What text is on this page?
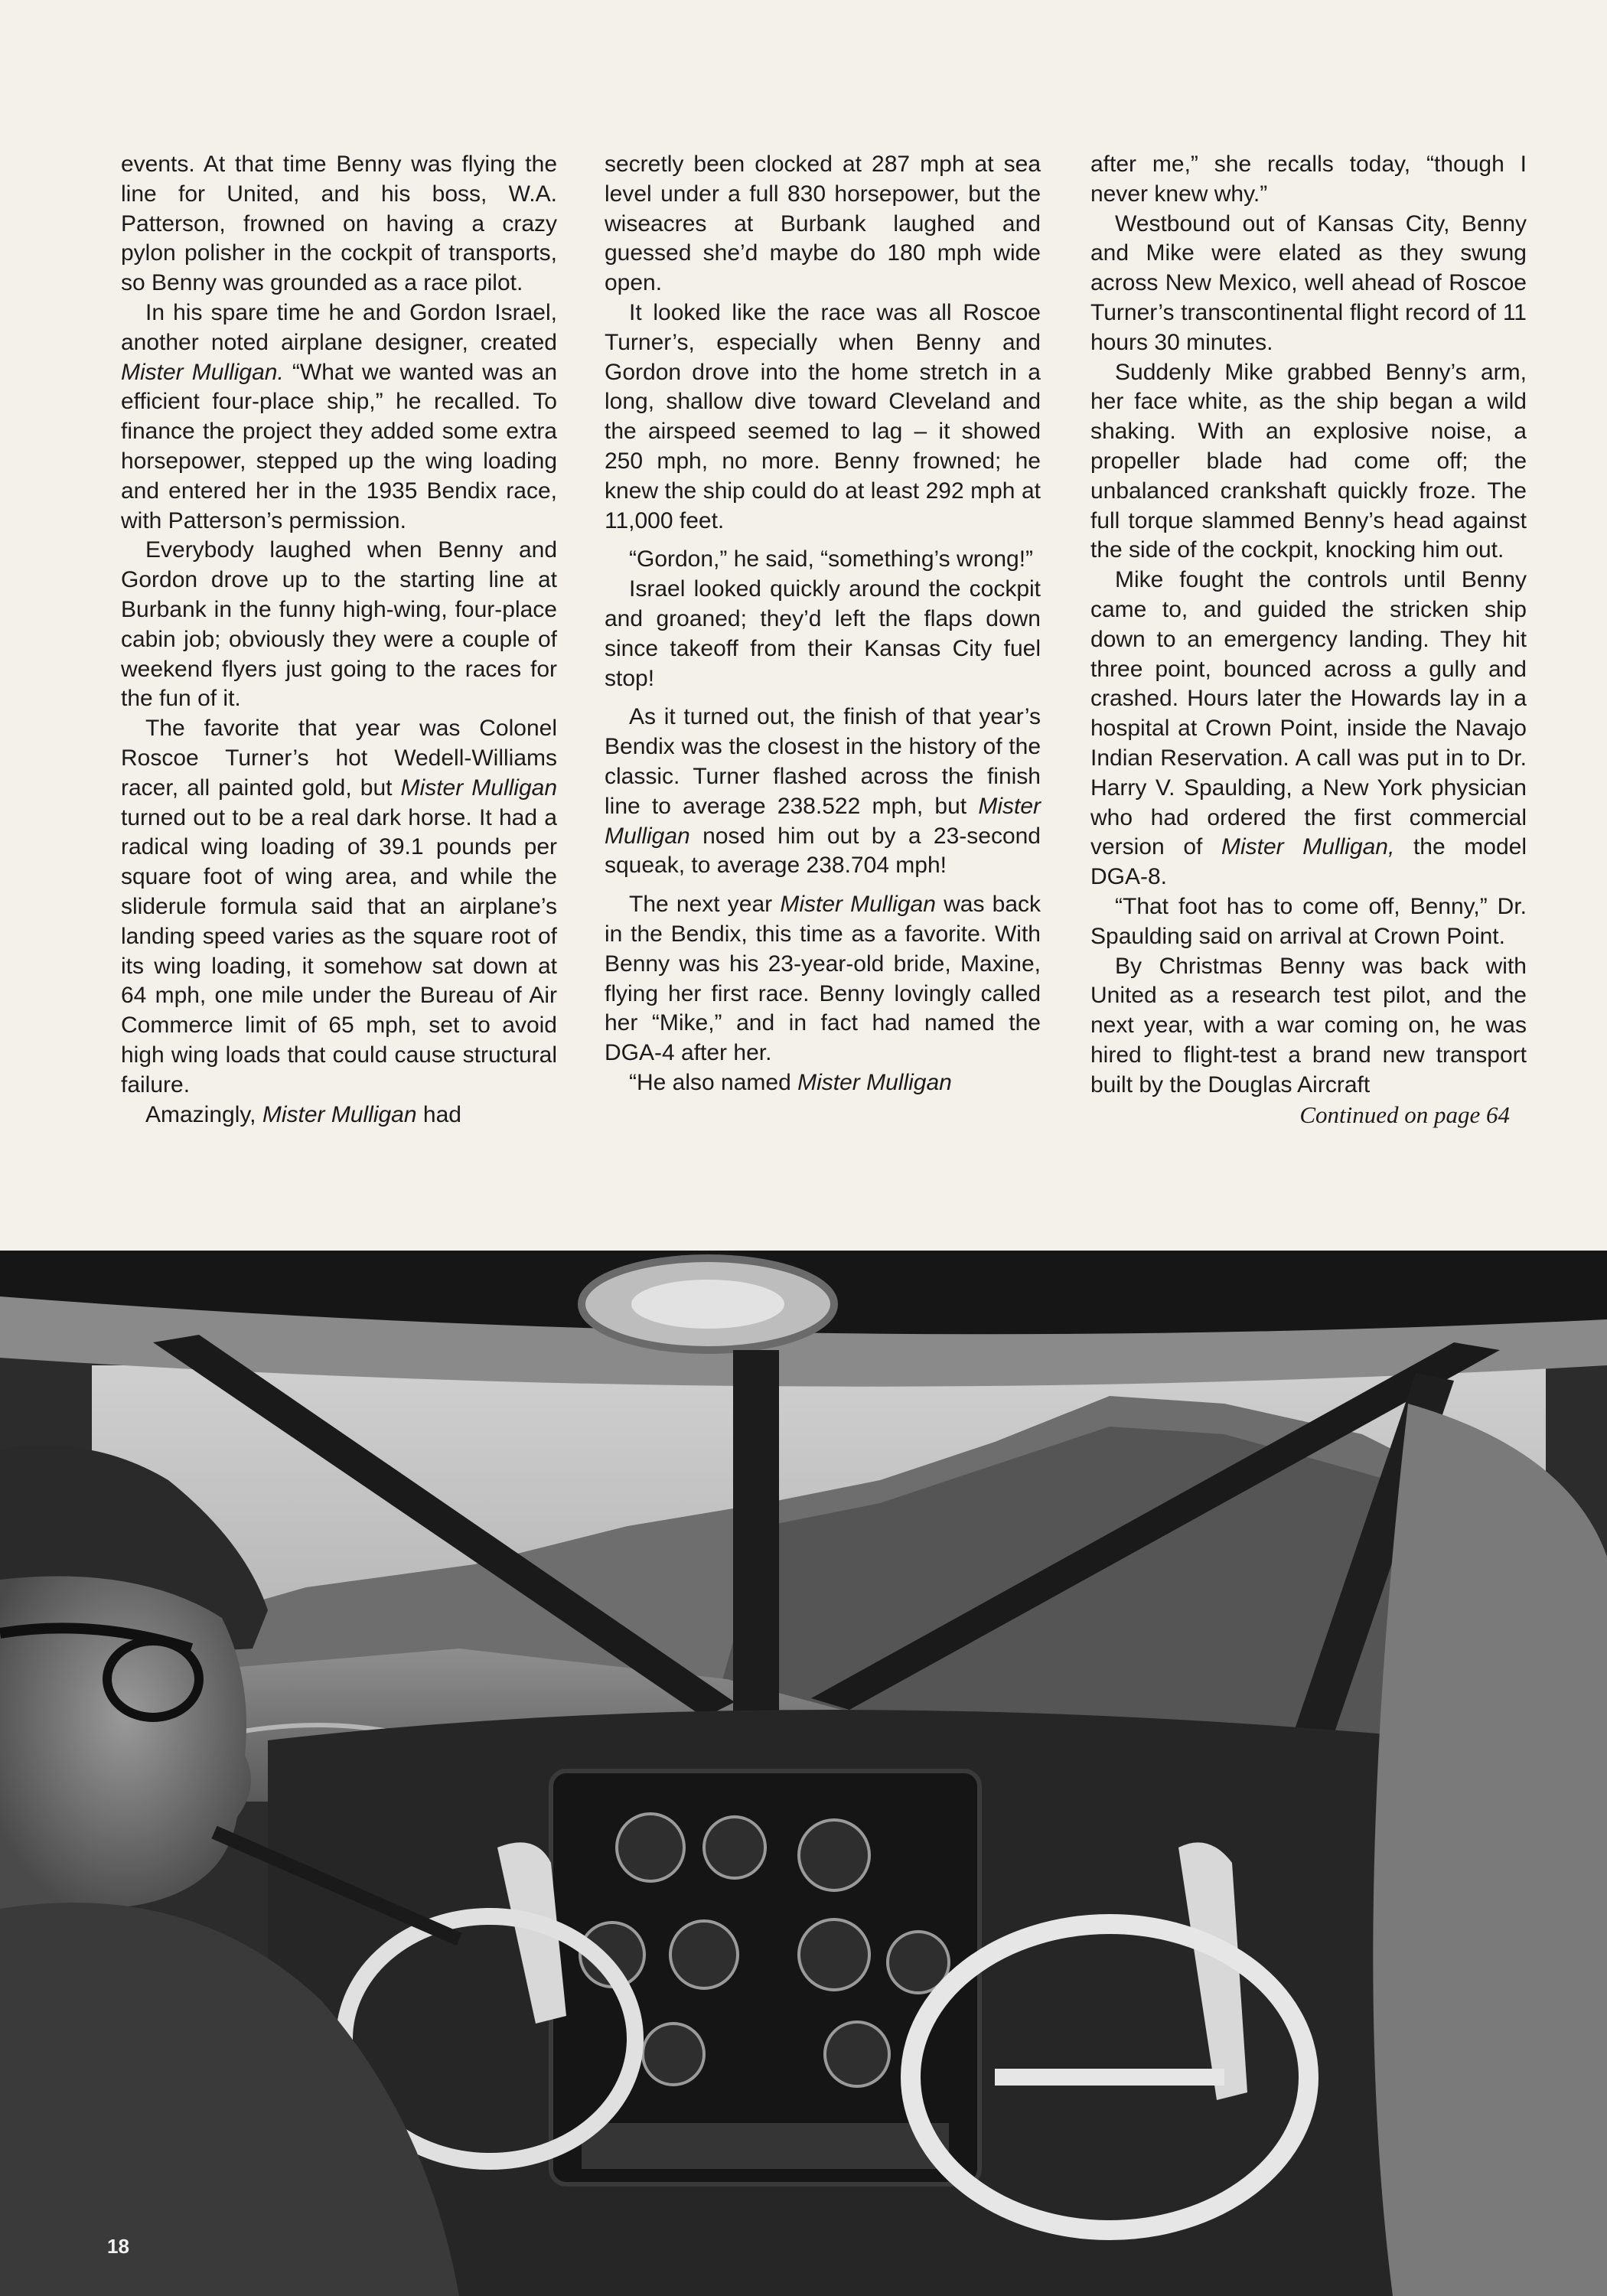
events. At that time Benny was flying the line for United, and his boss, W.A. Patterson, frowned on having a crazy pylon polisher in the cockpit of transports, so Benny was grounded as a race pilot.

In his spare time he and Gordon Israel, another noted airplane designer, created Mister Mulligan. “What we wanted was an efficient four-place ship,” he recalled. To finance the project they added some extra horsepower, stepped up the wing loading and entered her in the 1935 Bendix race, with Patterson’s permission.

Everybody laughed when Benny and Gordon drove up to the starting line at Burbank in the funny high-wing, four-place cabin job; obviously they were a couple of weekend flyers just going to the races for the fun of it.

The favorite that year was Colonel Roscoe Turner’s hot Wedell-Williams racer, all painted gold, but Mister Mulligan turned out to be a real dark horse. It had a radical wing loading of 39.1 pounds per square foot of wing area, and while the sliderule formula said that an airplane’s landing speed varies as the square root of its wing loading, it somehow sat down at 64 mph, one mile under the Bureau of Air Commerce limit of 65 mph, set to avoid high wing loads that could cause structural failure.

Amazingly, Mister Mulligan had

secretly been clocked at 287 mph at sea level under a full 830 horsepower, but the wiseacres at Burbank laughed and guessed she’d maybe do 180 mph wide open.

It looked like the race was all Roscoe Turner’s, especially when Benny and Gordon drove into the home stretch in a long, shallow dive toward Cleveland and the airspeed seemed to lag – it showed 250 mph, no more. Benny frowned; he knew the ship could do at least 292 mph at 11,000 feet.

“Gordon,” he said, “something’s wrong!”

Israel looked quickly around the cockpit and groaned; they’d left the flaps down since takeoff from their Kansas City fuel stop!

As it turned out, the finish of that year’s Bendix was the closest in the history of the classic. Turner flashed across the finish line to average 238.522 mph, but Mister Mulligan nosed him out by a 23-second squeak, to average 238.704 mph!

The next year Mister Mulligan was back in the Bendix, this time as a favorite. With Benny was his 23-year-old bride, Maxine, flying her first race. Benny lovingly called her “Mike,” and in fact had named the DGA-4 after her.

“He also named Mister Mulligan

after me,” she recalls today, “though I never knew why.”

Westbound out of Kansas City, Benny and Mike were elated as they swung across New Mexico, well ahead of Roscoe Turner’s transcontinental flight record of 11 hours 30 minutes.

Suddenly Mike grabbed Benny’s arm, her face white, as the ship began a wild shaking. With an explosive noise, a propeller blade had come off; the unbalanced crankshaft quickly froze. The full torque slammed Benny’s head against the side of the cockpit, knocking him out.

Mike fought the controls until Benny came to, and guided the stricken ship down to an emergency landing. They hit three point, bounced across a gully and crashed. Hours later the Howards lay in a hospital at Crown Point, inside the Navajo Indian Reservation. A call was put in to Dr. Harry V. Spaulding, a New York physician who had ordered the first commercial version of Mister Mulligan, the model DGA-8.

“That foot has to come off, Benny,” Dr. Spaulding said on arrival at Crown Point.

By Christmas Benny was back with United as a research test pilot, and the next year, with a war coming on, he was hired to flight-test a brand new transport built by the Douglas Aircraft

Continued on page 64

18
